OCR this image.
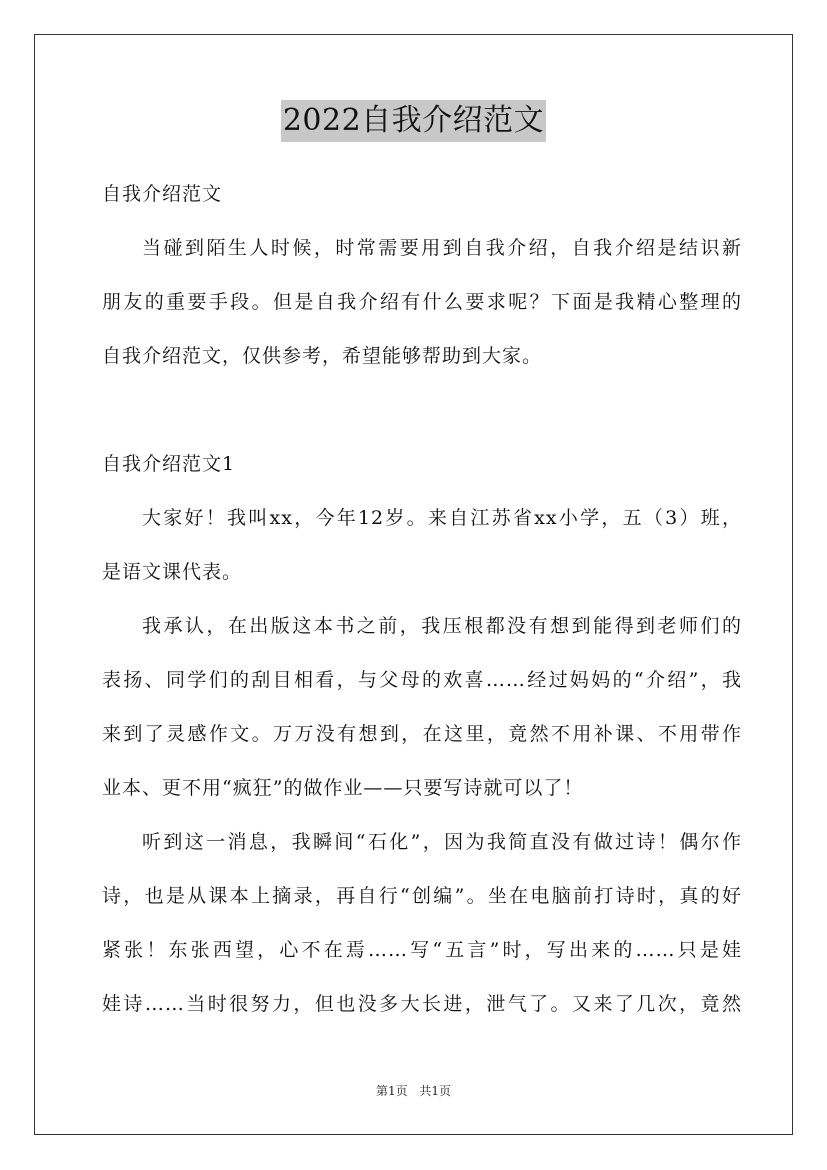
2022自我介绍范文
自我介绍范文
当碰到陌生人时候，时常需要用到自我介绍，自我介绍是结识新
朋友的重要手段。但是自我介绍有什么要求呢？下面是我精心整理的
自我介绍范文，仅供参考，希望能够帮助到大家。
自我介绍范文1
大家好！我叫xx，今年12岁。来自江苏省xx小学，五（3）班，
是语文课代表。
我承认，在出版这本书之前，我压根都没有想到能得到老师们的
表扬、同学们的刮目相看，与父母的欢喜……经过妈妈的“介绍”，我
来到了灵感作文。万万没有想到，在这里，竟然不用补课、不用带作
业本、更不用“疯狂”的做作业——只要写诗就可以了！
听到这一消息，我瞬间“石化”，因为我简直没有做过诗！偶尔作
诗，也是从课本上摘录，再自行“创编”。坐在电脑前打诗时，真的好
紧张！东张西望，心不在焉……写“五言”时，写出来的……只是娃
娃诗……当时很努力，但也没多大长进，泄气了。又来了几次，竟然
第1页 共1页
